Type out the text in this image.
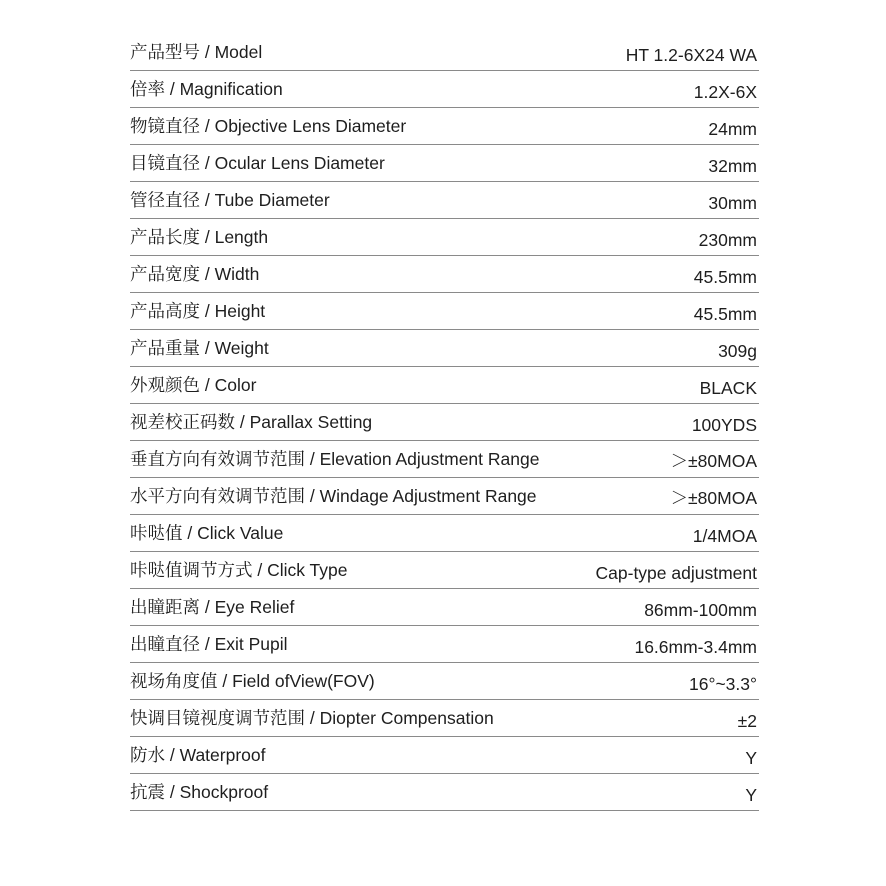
产品型号 / Model	HT 1.2-6X24 WA
倍率 / Magnification	1.2X-6X
物镜直径 / Objective Lens Diameter	24mm
目镜直径 / Ocular Lens Diameter	32mm
管径直径 / Tube Diameter	30mm
产品长度 / Length	230mm
产品宽度 / Width	45.5mm
产品高度 / Height	45.5mm
产品重量 / Weight	309g
外观颜色 / Color	BLACK
视差校正码数 / Parallax Setting	100YDS
垂直方向有效调节范围 / Elevation Adjustment Range	＞±80MOA
水平方向有效调节范围 / Windage Adjustment Range	＞±80MOA
咔哒值 / Click Value	1/4MOA
咔哒值调节方式 / Click Type	Cap-type adjustment
出瞳距离 / Eye Relief	86mm-100mm
出瞳直径 / Exit Pupil	16.6mm-3.4mm
视场角度值 / Field ofView(FOV)	16°~3.3°
快调目镜视度调节范围 / Diopter Compensation	±2
防水 / Waterproof	Y
抗震 / Shockproof	Y
